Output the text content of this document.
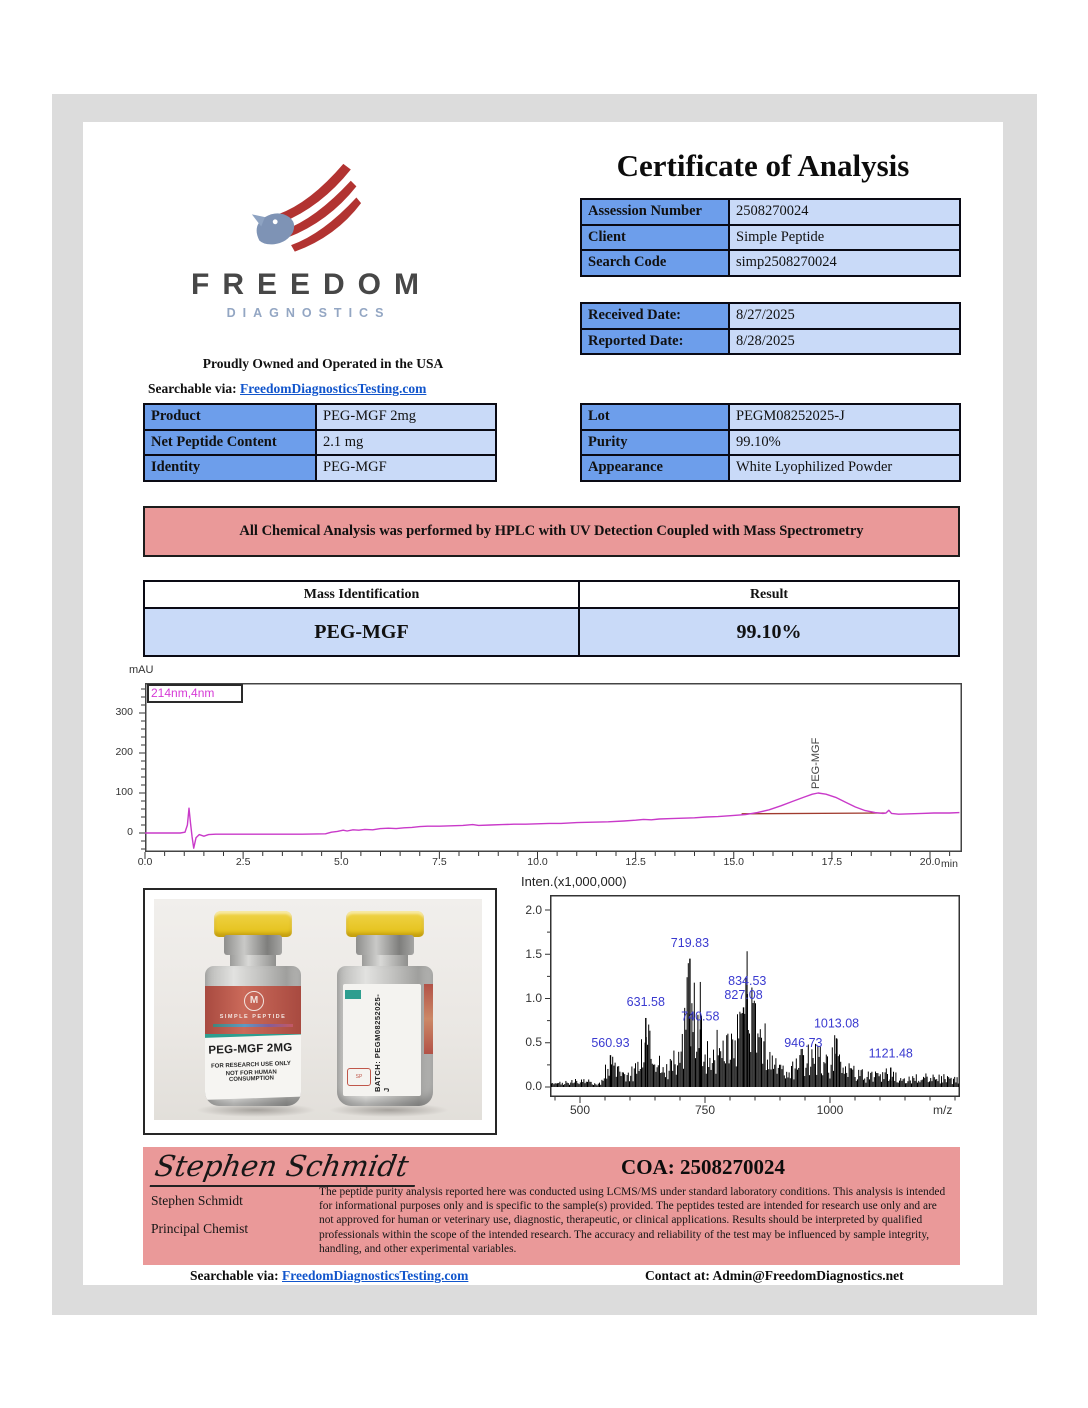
Certificate of Analysis
FREEDOM
DIAGNOSTICS
Proudly Owned and Operated in the USA
Searchable via: FreedomDiagnosticsTesting.com
Assession Number	2508270024
Client	Simple Peptide
Search Code	simp2508270024
Received Date:	8/27/2025
Reported Date:	8/28/2025
Product	PEG-MGF 2mg
Net Peptide Content	2.1 mg
Identity	PEG-MGF
Lot	PEGM08252025-J
Purity	99.10%
Appearance	White Lyophilized Powder
All Chemical Analysis was performed by HPLC with UV Detection Coupled with Mass Spectrometry
Mass Identification	Result
PEG-MGF	99.10%
mAU
PEG-MGF
214nm,4nm
300
200
100
0
min
M
SIMPLE PEPTIDE
PEG-MGF 2MG
FOR RESEARCH USE ONLY
NOT FOR HUMAN CONSUMPTION	BATCH: PEGM08252025-J
SP
Inten.(x1,000,000)
560.93
631.58
719.83
740.58
834.53
827.08
946.73
1013.08
1121.48
2.0
1.5
1.0
0.5
0.0
500	750	1000	m/z
Stephen Schmidt	COA: 2508270024
Stephen Schmidt
Principal Chemist
The peptide purity analysis reported here was conducted using LCMS/MS under standard laboratory conditions. This analysis is intended for informational purposes only and is specific to the sample(s) provided. The peptides tested are intended for research use only and are not approved for human or veterinary use, diagnostic, therapeutic, or clinical applications. Results should be interpreted by qualified professionals within the scope of the intended research. The accuracy and reliability of the test may be influenced by sample integrity, handling, and other experimental variables.
Searchable via: FreedomDiagnosticsTesting.com	Contact at: Admin@FreedomDiagnostics.net
0.0	2.5	5.0	7.5	10.0	12.5	15.0	17.5	20.0
